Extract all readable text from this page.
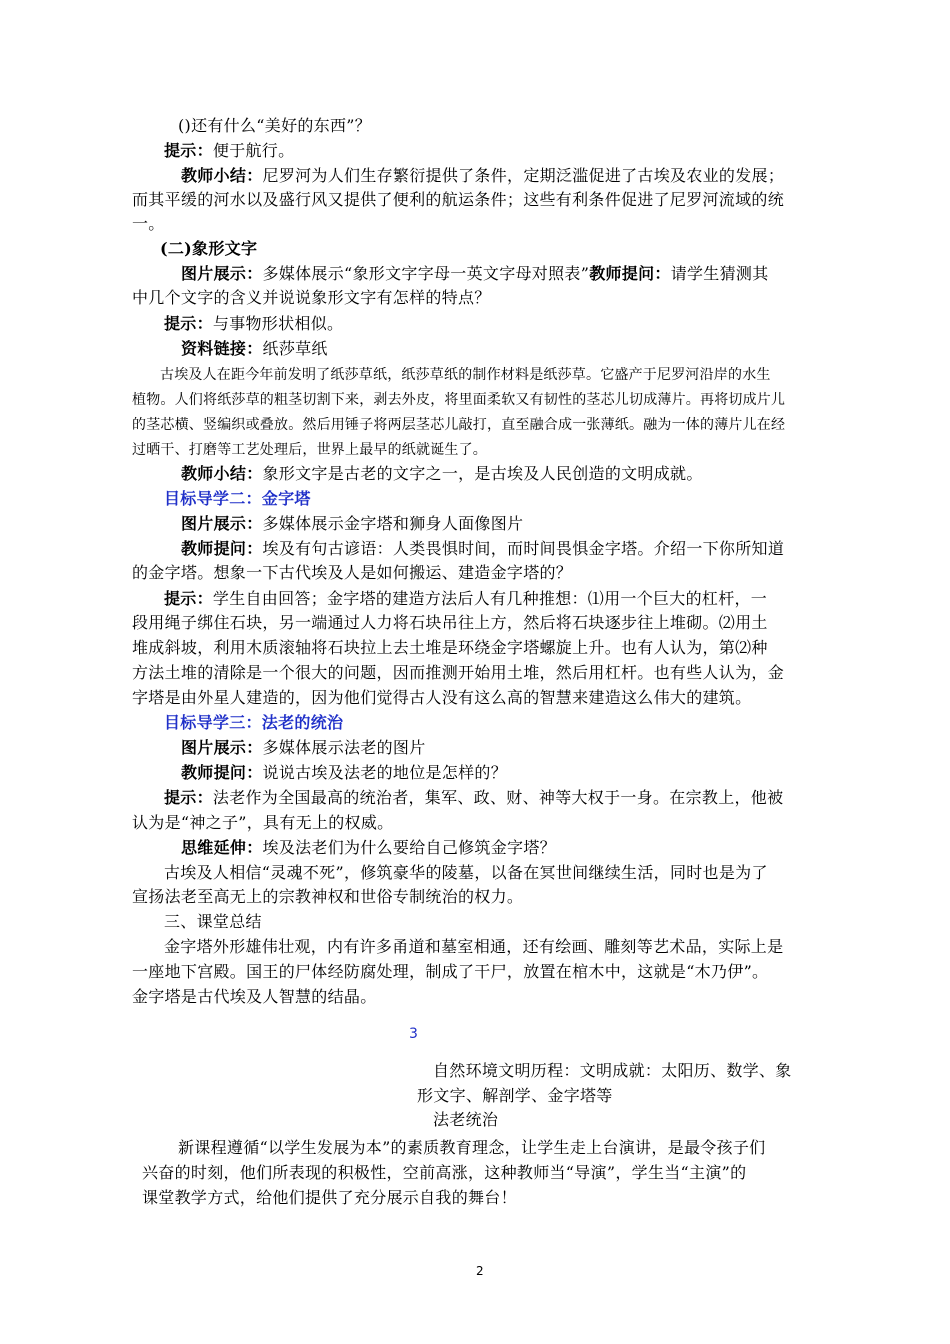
()还有什么“美好的东西”？
提示：便于航行。
教师小结：尼罗河为人们生存繁衍提供了条件，定期泛滥促进了古埃及农业的发展；
而其平缓的河水以及盛行风又提供了便利的航运条件；这些有利条件促进了尼罗河流域的统
一。
(二)象形文字
图片展示：多媒体展示“象形文字字母一英文字母对照表”教师提问：请学生猜测其
中几个文字的含义并说说象形文字有怎样的特点？
提示：与事物形状相似。
资料链接：纸莎草纸
古埃及人在距今年前发明了纸莎草纸，纸莎草纸的制作材料是纸莎草。它盛产于尼罗河沿岸的水生
植物。人们将纸莎草的粗茎切割下来，剥去外皮，将里面柔软又有韧性的茎芯儿切成薄片。再将切成片儿
的茎芯横、竖编织或叠放。然后用锤子将两层茎芯儿敲打，直至融合成一张薄纸。融为一体的薄片儿在经
过晒干、打磨等工艺处理后，世界上最早的纸就诞生了。
教师小结：象形文字是古老的文字之一，是古埃及人民创造的文明成就。
目标导学二：金字塔
图片展示：多媒体展示金字塔和狮身人面像图片
教师提问：埃及有句古谚语：人类畏惧时间，而时间畏惧金字塔。介绍一下你所知道
的金字塔。想象一下古代埃及人是如何搬运、建造金字塔的？
提示：学生自由回答；金字塔的建造方法后人有几种推想：⑴用一个巨大的杠杆，一
段用绳子绑住石块，另一端通过人力将石块吊往上方，然后将石块逐步往上堆砌。⑵用土
堆成斜坡，利用木质滚轴将石块拉上去土堆是环绕金字塔螺旋上升。也有人认为，第⑵种
方法土堆的清除是一个很大的问题，因而推测开始用土堆，然后用杠杆。也有些人认为，金
字塔是由外星人建造的，因为他们觉得古人没有这么高的智慧来建造这么伟大的建筑。
目标导学三：法老的统治
图片展示：多媒体展示法老的图片
教师提问：说说古埃及法老的地位是怎样的？
提示：法老作为全国最高的统治者，集军、政、财、神等大权于一身。在宗教上，他被
认为是“神之子”，具有无上的权威。
思维延伸：埃及法老们为什么要给自己修筑金字塔？
古埃及人相信“灵魂不死”，修筑豪华的陵墓，以备在冥世间继续生活，同时也是为了
宣扬法老至高无上的宗教神权和世俗专制统治的权力。
三、课堂总结
金字塔外形雄伟壮观，内有许多甬道和墓室相通，还有绘画、雕刻等艺术品，实际上是
一座地下宫殿。国王的尸体经防腐处理，制成了干尸，放置在棺木中，这就是“木乃伊”。
金字塔是古代埃及人智慧的结晶。
3
自然环境文明历程：文明成就：太阳历、数学、象
形文字、解剖学、金字塔等
法老统治
新课程遵循“以学生发展为本”的素质教育理念，让学生走上台演讲，是最令孩子们
兴奋的时刻，他们所表现的积极性，空前高涨，这种教师当“导演”，学生当“主演”的
课堂教学方式，给他们提供了充分展示自我的舞台！
2
